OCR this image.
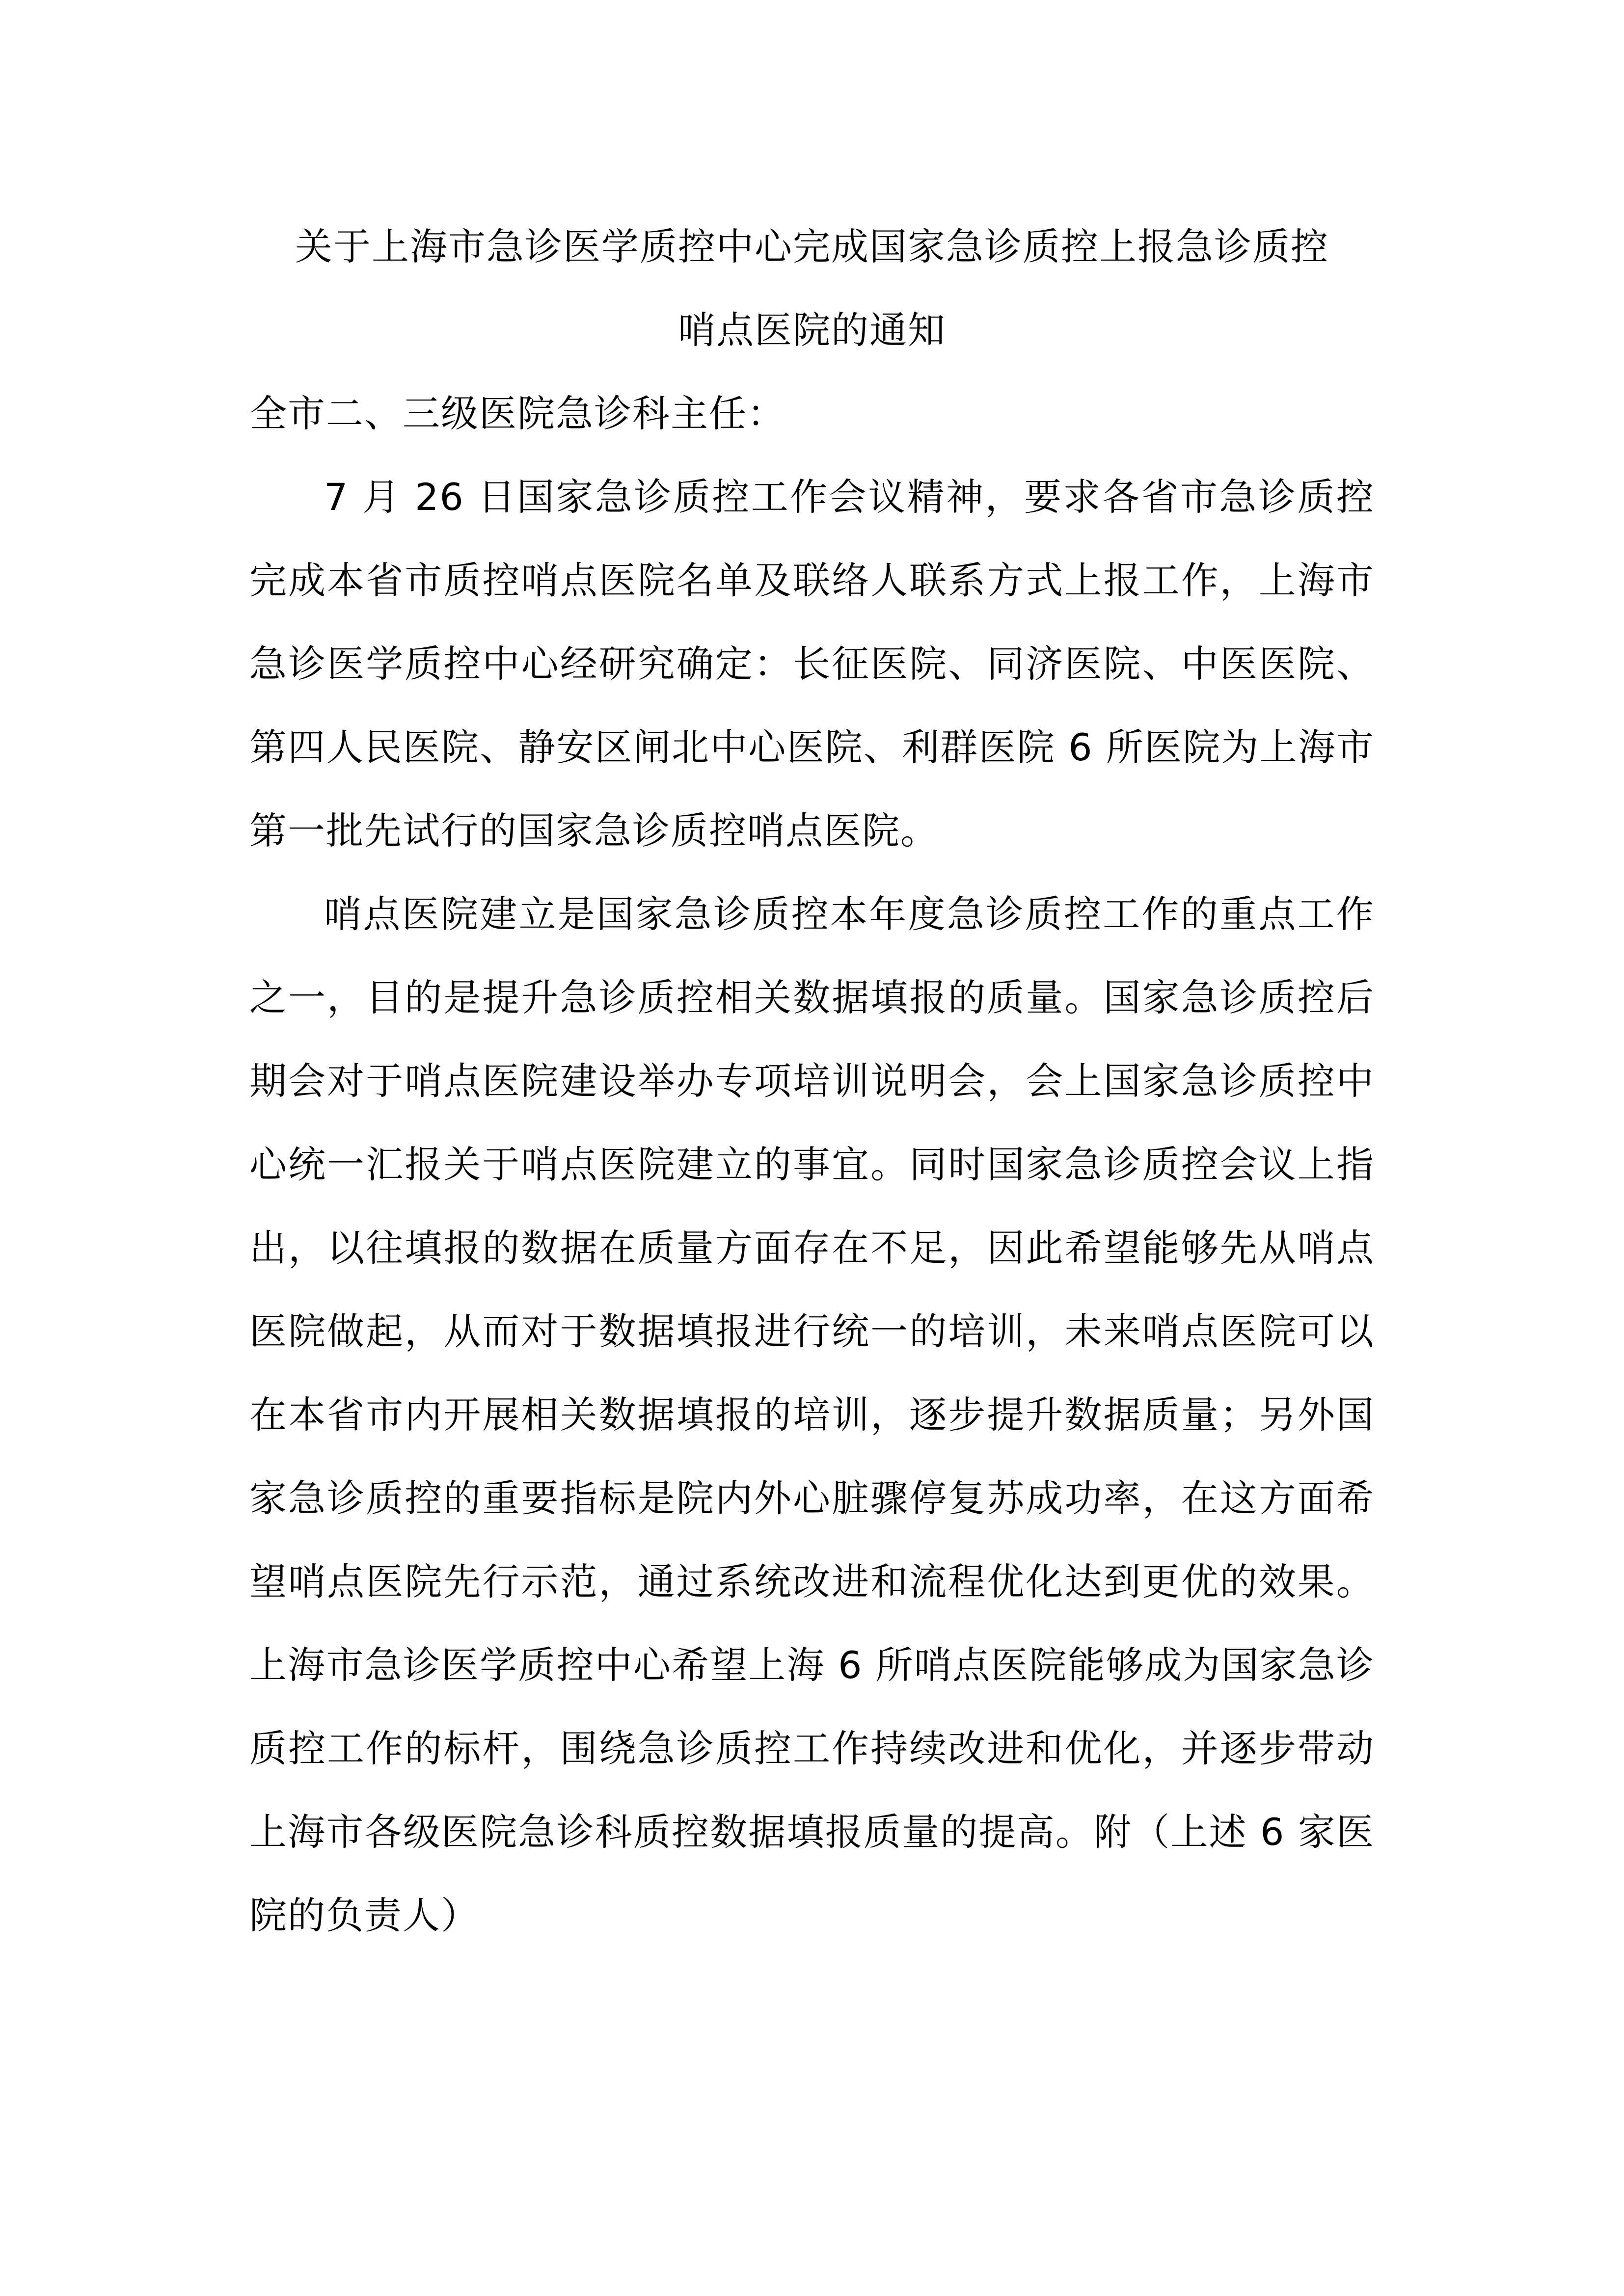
关于上海市急诊医学质控中心完成国家急诊质控上报急诊质控
哨点医院的通知

全市二、三级医院急诊科主任：

7 月 26 日国家急诊质控工作会议精神，要求各省市急诊质控完成本省市质控哨点医院名单及联络人联系方式上报工作，上海市急诊医学质控中心经研究确定：长征医院、同济医院、中医医院、第四人民医院、静安区闸北中心医院、利群医院 6 所医院为上海市第一批先试行的国家急诊质控哨点医院。

哨点医院建立是国家急诊质控本年度急诊质控工作的重点工作之一，目的是提升急诊质控相关数据填报的质量。国家急诊质控后期会对于哨点医院建设举办专项培训说明会，会上国家急诊质控中心统一汇报关于哨点医院建立的事宜。同时国家急诊质控会议上指出，以往填报的数据在质量方面存在不足，因此希望能够先从哨点医院做起，从而对于数据填报进行统一的培训，未来哨点医院可以在本省市内开展相关数据填报的培训，逐步提升数据质量；另外国家急诊质控的重要指标是院内外心脏骤停复苏成功率，在这方面希望哨点医院先行示范，通过系统改进和流程优化达到更优的效果。上海市急诊医学质控中心希望上海 6 所哨点医院能够成为国家急诊质控工作的标杆，围绕急诊质控工作持续改进和优化，并逐步带动上海市各级医院急诊科质控数据填报质量的提高。附（上述 6 家医院的负责人）
